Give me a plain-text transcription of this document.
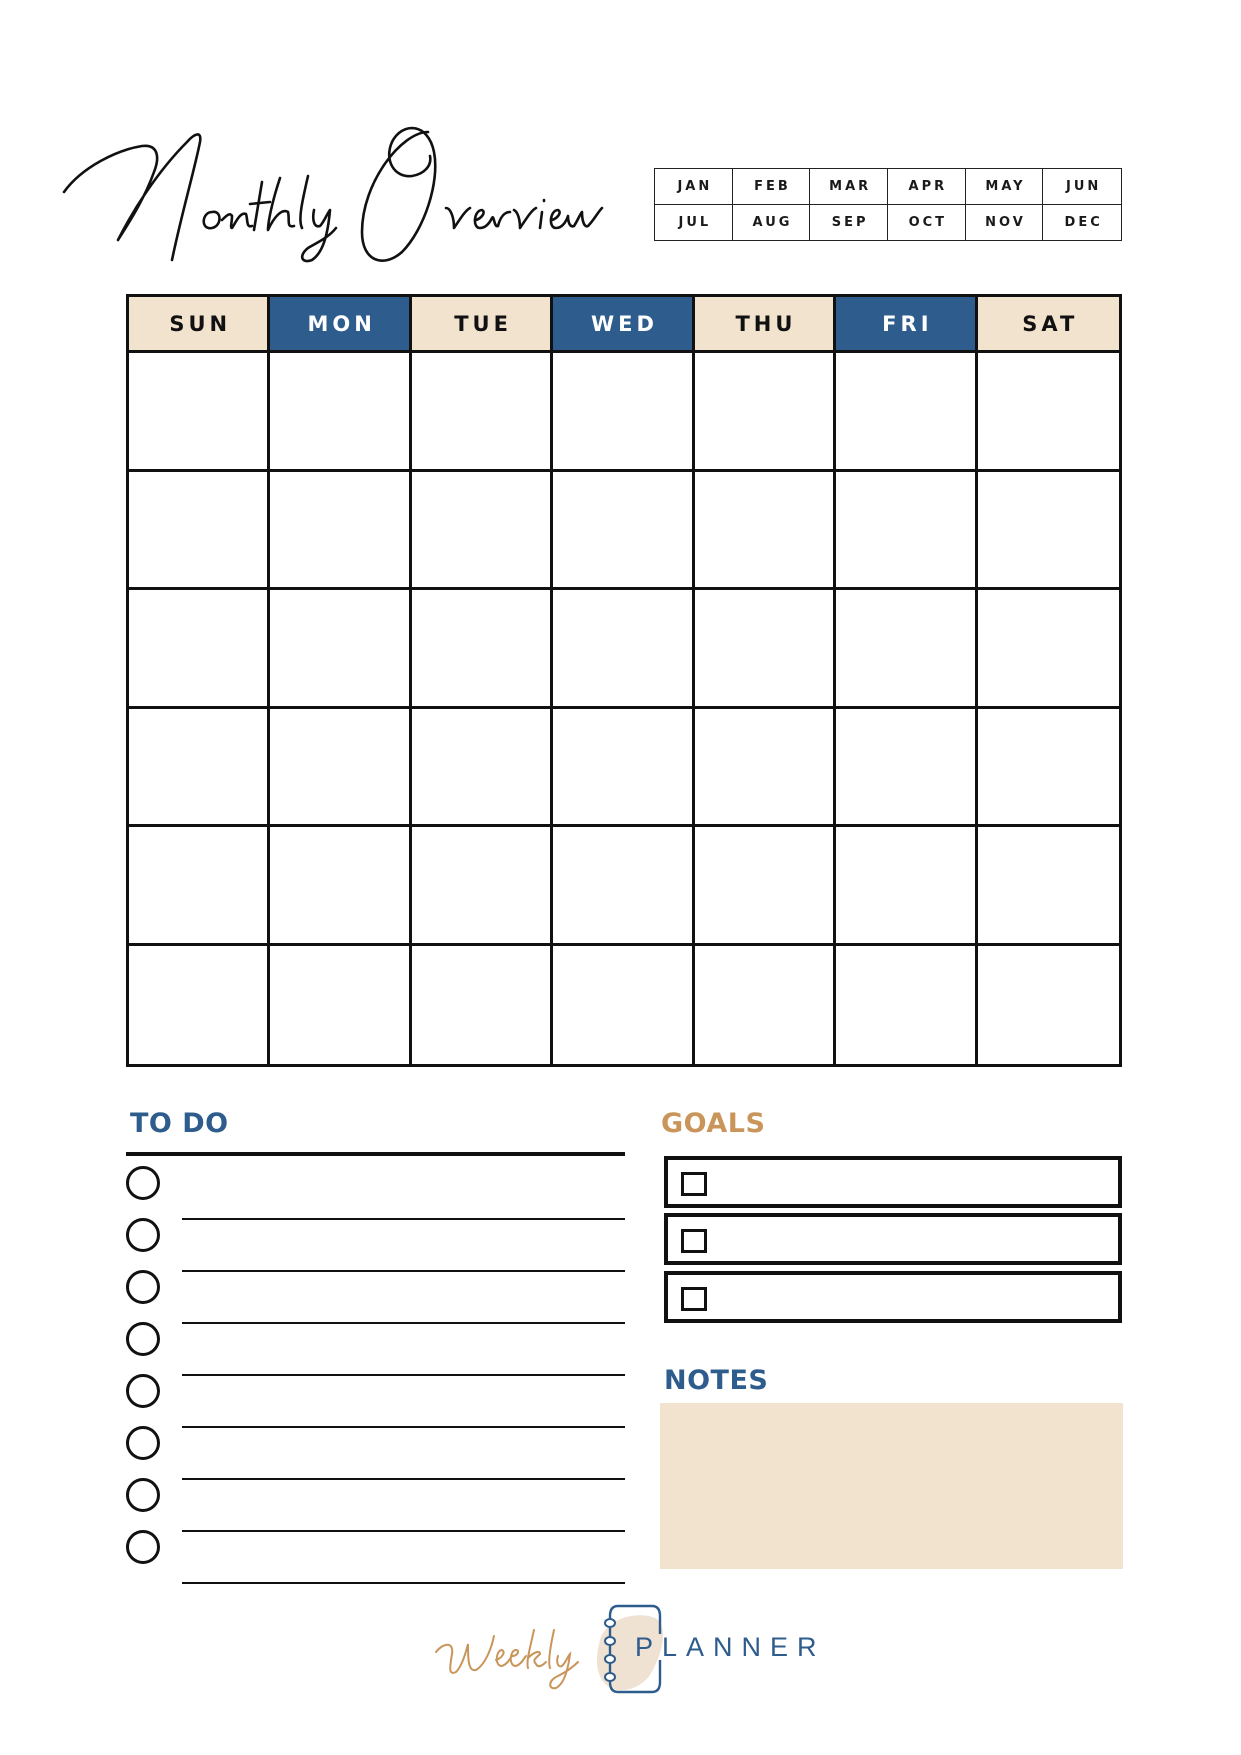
JAN	FEB	MAR	APR	MAY	JUN
JUL	AUG	SEP	OCT	NOV	DEC
SUN	MON	TUE	WED	THU	FRI	SAT
TO DO	GOALS
NOTES
PLANNER
